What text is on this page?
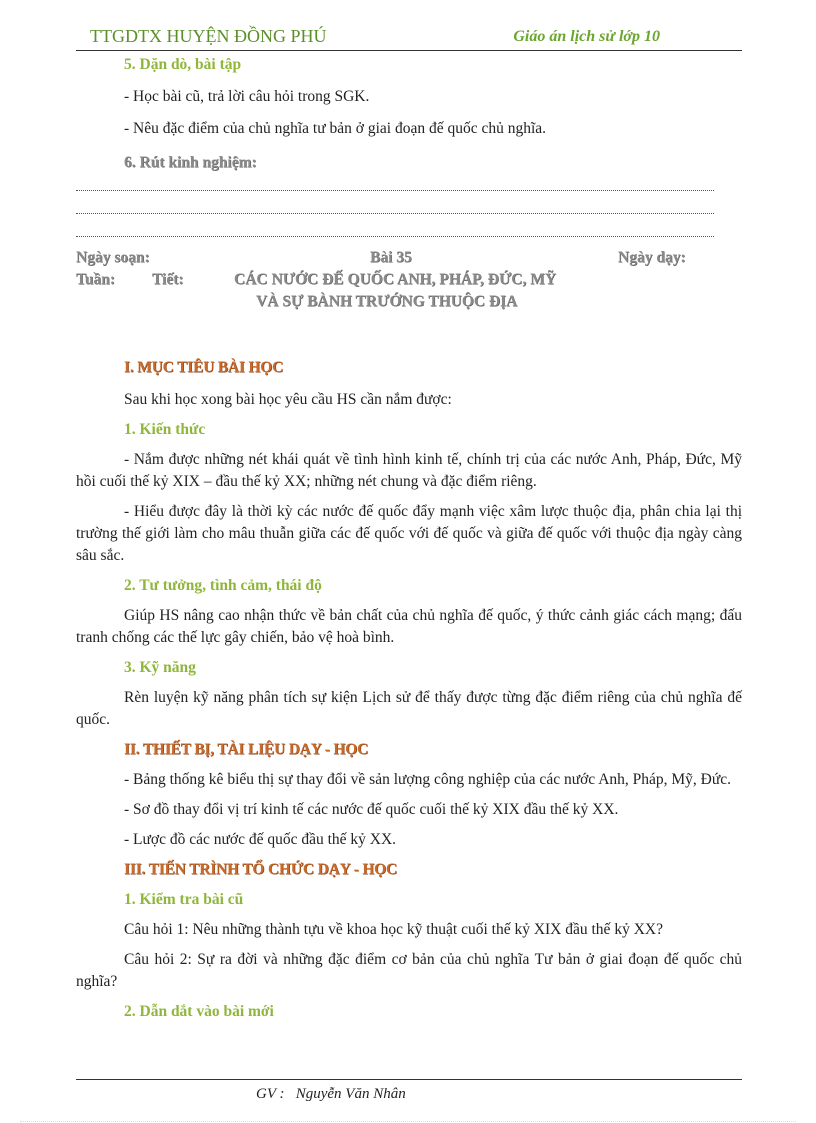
TTGDTX HUYỆN ĐỒNG PHÚ	Giáo án lịch sử lớp 10

5. Dặn dò, bài tập

- Học bài cũ, trả lời câu hỏi trong SGK.

- Nêu đặc điểm của chủ nghĩa tư bản ở giai đoạn đế quốc chủ nghĩa.

6. Rút kinh nghiệm:

Ngày soạn:	Bài 35	Ngày dạy:
Tuần: Tiết:	CÁC NƯỚC ĐẾ QUỐC ANH, PHÁP, ĐỨC, MỸ
VÀ SỰ BÀNH TRƯỚNG THUỘC ĐỊA

I. MỤC TIÊU BÀI HỌC

Sau khi học xong bài học yêu cầu HS cần nắm được:

1. Kiến thức

- Nắm được những nét khái quát về tình hình kinh tế, chính trị của các nước Anh, Pháp, Đức, Mỹ hồi cuối thế kỷ XIX – đầu thế kỷ XX; những nét chung và đặc điểm riêng.

- Hiểu được đây là thời kỳ các nước đế quốc đẩy mạnh việc xâm lược thuộc địa, phân chia lại thị trường thế giới làm cho mâu thuẫn giữa các đế quốc với đế quốc và giữa đế quốc với thuộc địa ngày càng sâu sắc.

2. Tư tưởng, tình cảm, thái độ

Giúp HS nâng cao nhận thức về bản chất của chủ nghĩa đế quốc, ý thức cảnh giác cách mạng; đấu tranh chống các thế lực gây chiến, bảo vệ hoà bình.

3. Kỹ năng

Rèn luyện kỹ năng phân tích sự kiện Lịch sử để thấy được từng đặc điểm riêng của chủ nghĩa đế quốc.

II. THIẾT BỊ, TÀI LIỆU DẠY - HỌC

- Bảng thống kê biểu thị sự thay đổi về sản lượng công nghiệp của các nước Anh, Pháp, Mỹ, Đức.

- Sơ đồ thay đổi vị trí kinh tế các nước đế quốc cuối thế kỷ XIX đầu thế kỷ XX.

- Lược đồ các nước đế quốc đầu thế kỷ XX.

III. TIẾN TRÌNH TỔ CHỨC DẠY - HỌC

1. Kiểm tra bài cũ

Câu hỏi 1: Nêu những thành tựu về khoa học kỹ thuật cuối thế kỷ XIX đầu thế kỷ XX?

Câu hỏi 2: Sự ra đời và những đặc điểm cơ bản của chủ nghĩa Tư bản ở giai đoạn đế quốc chủ nghĩa?

2. Dẫn dắt vào bài mới

GV : Nguyễn Văn Nhân
